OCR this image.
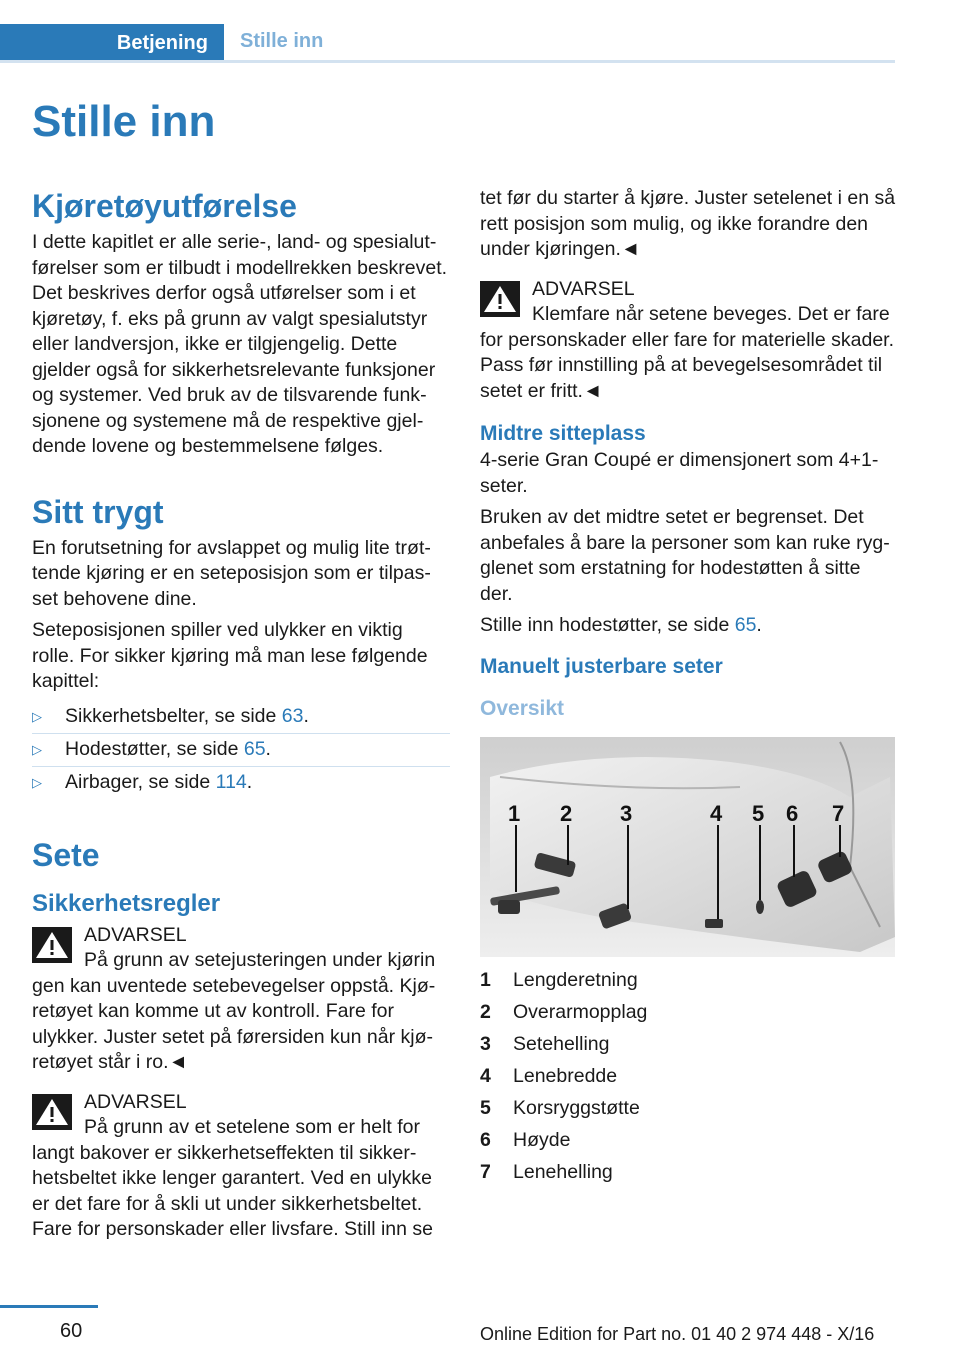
Betjening Stille inn
Stille inn
Kjøretøyutførelse

I dette kapitlet er alle serie-, land- og spesialutførelser som er tilbudt i modellrekken beskrevet. Det beskrives derfor også utførelser som i et kjøretøy, f. eks på grunn av valgt spesialutstyr eller landversjon, ikke er tilgjengelig. Dette gjelder også for sikkerhetsrelevante funksjoner og systemer. Ved bruk av de tilsvarende funksjonene og systemene må de respektive gjeldende lovene og bestemmelsene følges.

Sitt trygt

En forutsetning for avslappet og mulig lite trøttende kjøring er en seteposisjon som er tilpasset behovene dine.

Seteposisjonen spiller ved ulykker en viktig rolle. For sikker kjøring må man lese følgende kapittel:

▷	Sikkerhetsbelter, se side 63.
▷	Hodestøtter, se side 65.
▷	Airbager, se side 114.
Sete
Sikkerhetsregler
ADVARSEL
På grunn av setejusteringen under kjørin
gen kan uventede setebevegelser oppstå. Kjøretøyet kan komme ut av kontroll. Fare for ulykker. Juster setet på førersiden kun når kjøretøyet står i ro.◄
ADVARSEL
På grunn av et setelene som er helt for
langt bakover er sikkerhetseffekten til sikkerhetsbeltet ikke lenger garantert. Ved en ulykke er det fare for å skli ut under sikkerhetsbeltet. Fare for personskader eller livsfare. Still inn se

tet før du starter å kjøre. Juster setelenet i en så rett posisjon som mulig, og ikke forandre den under kjøringen.◄

ADVARSEL
Klemfare når setene beveges. Det er fare
for personskader eller fare for materielle skader. Pass før innstilling på at bevegelsesområdet til setet er fritt.◄
Midtre sitteplass

4-serie Gran Coupé er dimensjonert som 4+1-seter.

Bruken av det midtre setet er begrenset. Det anbefales å bare la personer som kan ruke rygglenet som erstatning for hodestøtten å sitte der.

Stille inn hodestøtter, se side 65.

Manuelt justerbare seter
Oversikt
1 2 3	4 5 6 7
1	Lengderetning
2	Overarmopplag
3	Setehelling
4	Lenebredde
5	Korsryggstøtte
6	Høyde
7	Lenehelling
60	Online Edition for Part no. 01 40 2 974 448 - X/16
